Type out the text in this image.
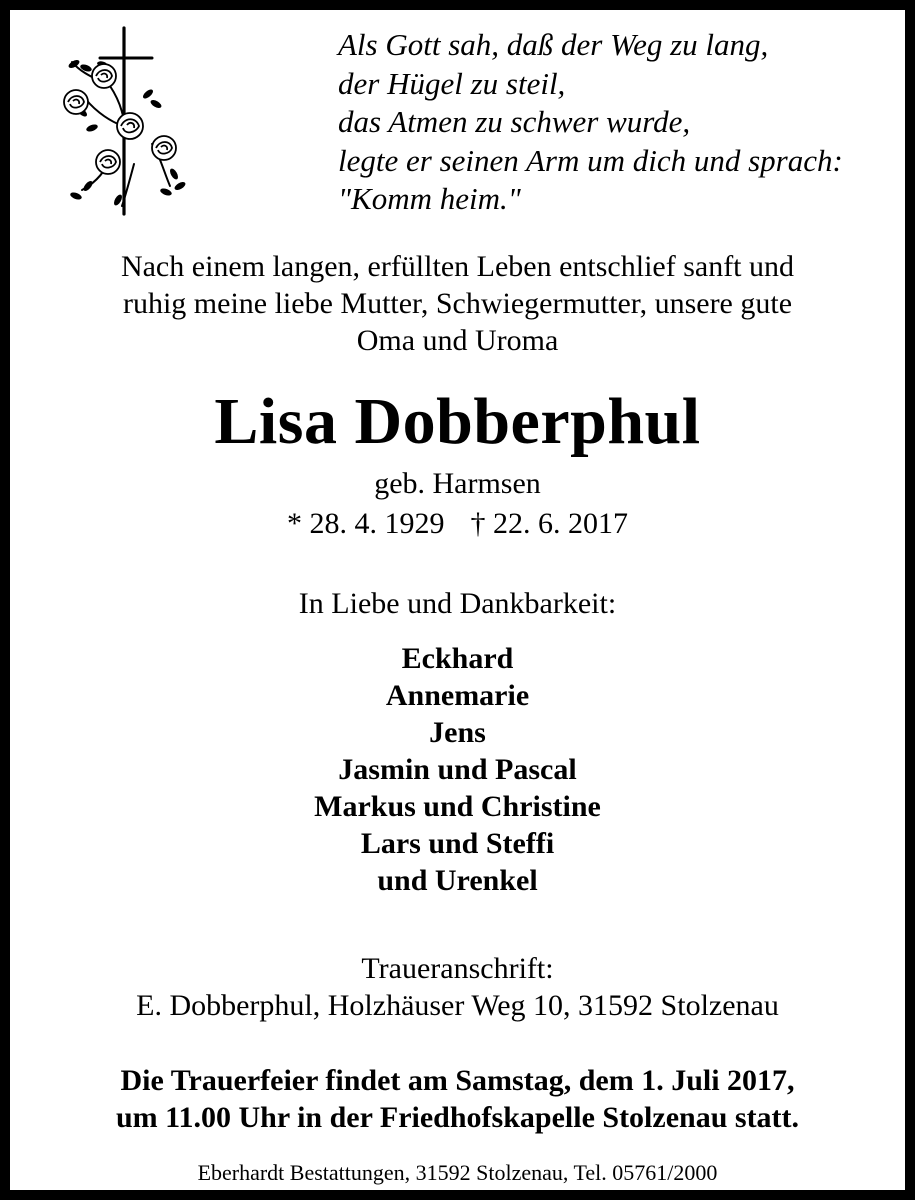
Als Gott sah, daß der Weg zu lang,
der Hügel zu steil,
das Atmen zu schwer wurde,
legte er seinen Arm um dich und sprach:
"Komm heim."
Nach einem langen, erfüllten Leben entschlief sanft und
ruhig meine liebe Mutter, Schwiegermutter, unsere gute
Oma und Uroma
Lisa Dobberphul
geb. Harmsen
* 28. 4. 1929 † 22. 6. 2017
In Liebe und Dankbarkeit:
Eckhard
Annemarie
Jens
Jasmin und Pascal
Markus und Christine
Lars und Steffi
und Urenkel
Traueranschrift:
E. Dobberphul, Holzhäuser Weg 10, 31592 Stolzenau
Die Trauerfeier findet am Samstag, dem 1. Juli 2017,
um 11.00 Uhr in der Friedhofskapelle Stolzenau statt.
Eberhardt Bestattungen, 31592 Stolzenau, Tel. 05761/2000
